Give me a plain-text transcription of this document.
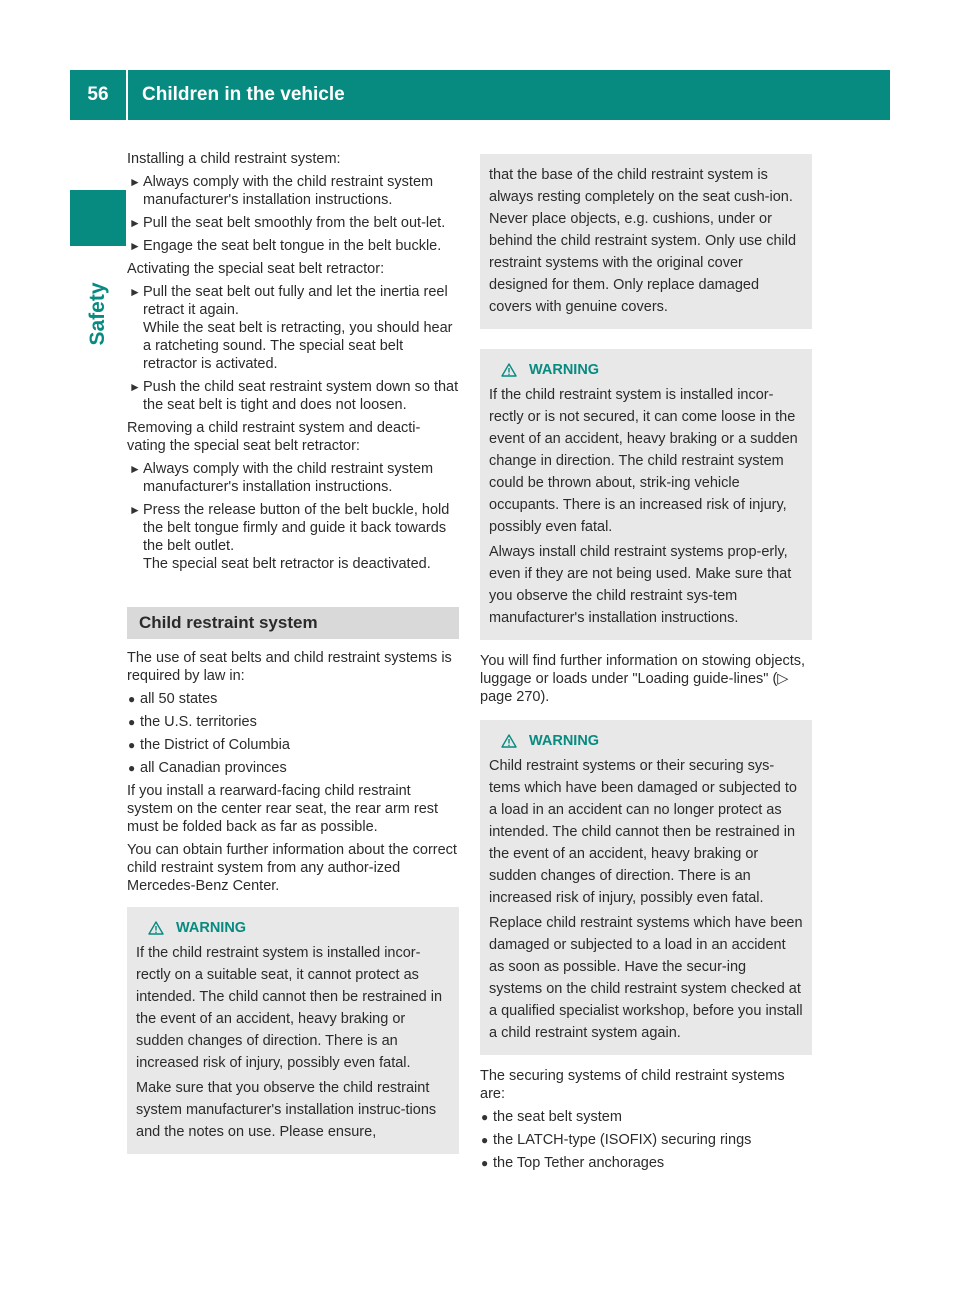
56	Children in the vehicle
Safety

Installing a child restraint system:

► Always comply with the child restraint system manufacturer's installation instructions.
► Pull the seat belt smoothly from the belt out-let.
► Engage the seat belt tongue in the belt buckle.

Activating the special seat belt retractor:

► Pull the seat belt out fully and let the inertia reel retract it again.
While the seat belt is retracting, you should hear a ratcheting sound. The special seat belt retractor is activated.
► Push the child seat restraint system down so that the seat belt is tight and does not loosen.

Removing a child restraint system and deacti-vating the special seat belt retractor:

► Always comply with the child restraint system manufacturer's installation instructions.
► Press the release button of the belt buckle, hold the belt tongue firmly and guide it back towards the belt outlet.
The special seat belt retractor is deactivated.
Child restraint system

The use of seat belts and child restraint systems is required by law in:

● all 50 states
● the U.S. territories
● the District of Columbia
● all Canadian provinces

If you install a rearward-facing child restraint system on the center rear seat, the rear arm rest must be folded back as far as possible.

You can obtain further information about the correct child restraint system from any author-ized Mercedes-Benz Center.

WARNING

If the child restraint system is installed incor-rectly on a suitable seat, it cannot protect as intended. The child cannot then be restrained in the event of an accident, heavy braking or sudden changes of direction. There is an increased risk of injury, possibly even fatal.

Make sure that you observe the child restraint system manufacturer's installation instruc-tions and the notes on use. Please ensure,

that the base of the child restraint system is always resting completely on the seat cush-ion. Never place objects, e.g. cushions, under or behind the child restraint system. Only use child restraint systems with the original cover designed for them. Only replace damaged covers with genuine covers.

WARNING

If the child restraint system is installed incor-rectly or is not secured, it can come loose in the event of an accident, heavy braking or a sudden change in direction. The child restraint system could be thrown about, strik-ing vehicle occupants. There is an increased risk of injury, possibly even fatal.

Always install child restraint systems prop-erly, even if they are not being used. Make sure that you observe the child restraint sys-tem manufacturer's installation instructions.

You will find further information on stowing objects, luggage or loads under "Loading guide-lines" (▷ page 270).

WARNING

Child restraint systems or their securing sys-tems which have been damaged or subjected to a load in an accident can no longer protect as intended. The child cannot then be restrained in the event of an accident, heavy braking or sudden changes of direction. There is an increased risk of injury, possibly even fatal.

Replace child restraint systems which have been damaged or subjected to a load in an accident as soon as possible. Have the secur-ing systems on the child restraint system checked at a qualified specialist workshop, before you install a child restraint system again.

The securing systems of child restraint systems are:

● the seat belt system
● the LATCH-type (ISOFIX) securing rings
● the Top Tether anchorages
